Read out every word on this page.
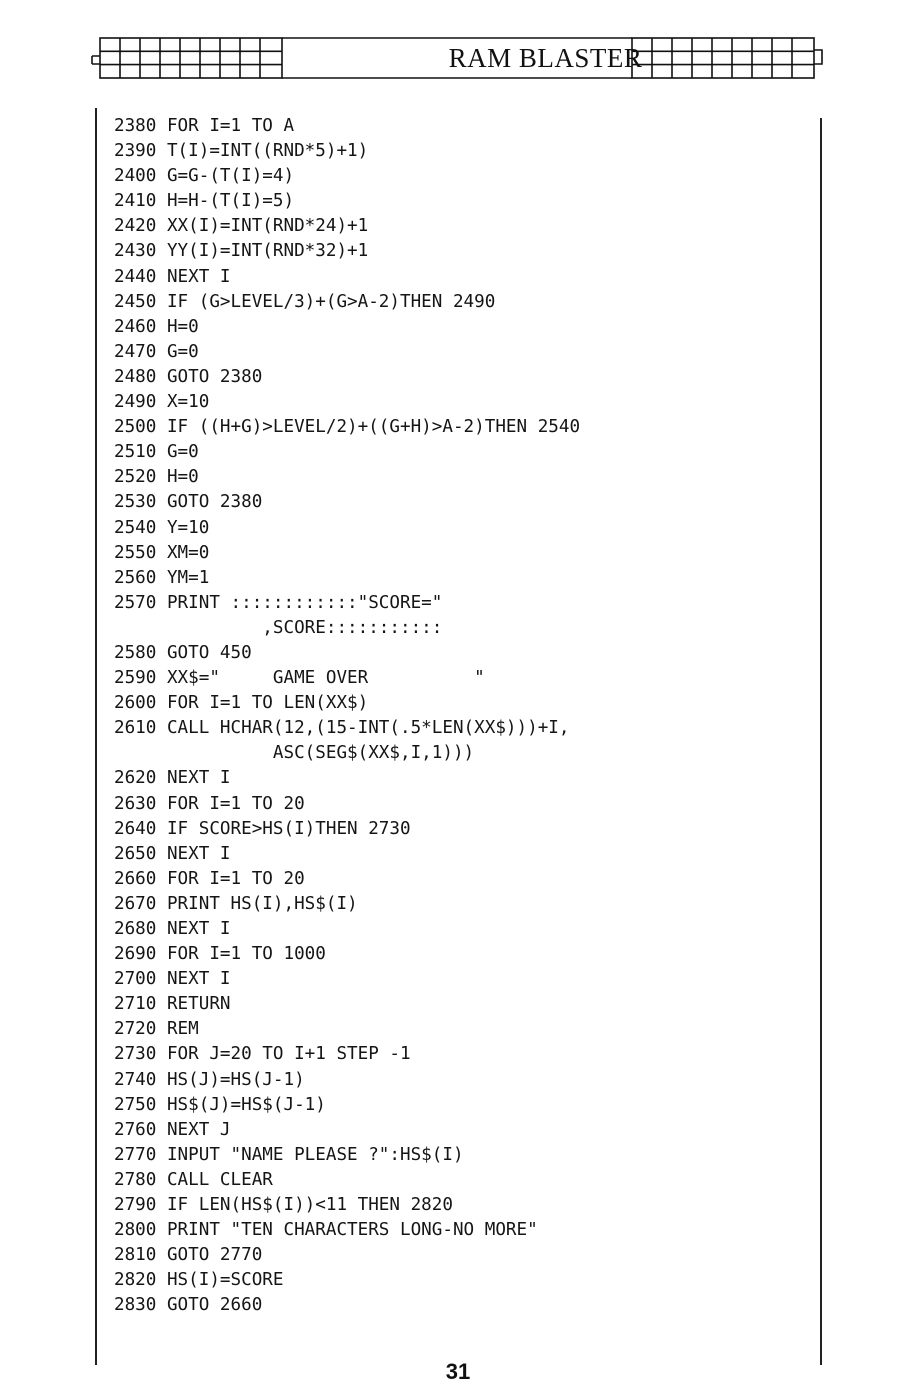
RAM BLASTER
2380 FOR I=1 TO A
2390 T(I)=INT((RND*5)+1)
2400 G=G-(T(I)=4)
2410 H=H-(T(I)=5)
2420 XX(I)=INT(RND*24)+1
2430 YY(I)=INT(RND*32)+1
2440 NEXT I
2450 IF (G>LEVEL/3)+(G>A-2)THEN 2490
2460 H=0
2470 G=0
2480 GOTO 2380
2490 X=10
2500 IF ((H+G)>LEVEL/2)+((G+H)>A-2)THEN 2540
2510 G=0
2520 H=0
2530 GOTO 2380
2540 Y=10
2550 XM=0
2560 YM=1
2570 PRINT ::::::::::::"SCORE="
,SCORE:::::::::::
2580 GOTO 450
2590 XX$="     GAME OVER          "
2600 FOR I=1 TO LEN(XX$)
2610 CALL HCHAR(12,(15-INT(.5*LEN(XX$)))+I,
ASC(SEG$(XX$,I,1)))
2620 NEXT I
2630 FOR I=1 TO 20
2640 IF SCORE>HS(I)THEN 2730
2650 NEXT I
2660 FOR I=1 TO 20
2670 PRINT HS(I),HS$(I)
2680 NEXT I
2690 FOR I=1 TO 1000
2700 NEXT I
2710 RETURN
2720 REM
2730 FOR J=20 TO I+1 STEP -1
2740 HS(J)=HS(J-1)
2750 HS$(J)=HS$(J-1)
2760 NEXT J
2770 INPUT "NAME PLEASE ?":HS$(I)
2780 CALL CLEAR
2790 IF LEN(HS$(I))<11 THEN 2820
2800 PRINT "TEN CHARACTERS LONG-NO MORE"
2810 GOTO 2770
2820 HS(I)=SCORE
2830 GOTO 2660
31
